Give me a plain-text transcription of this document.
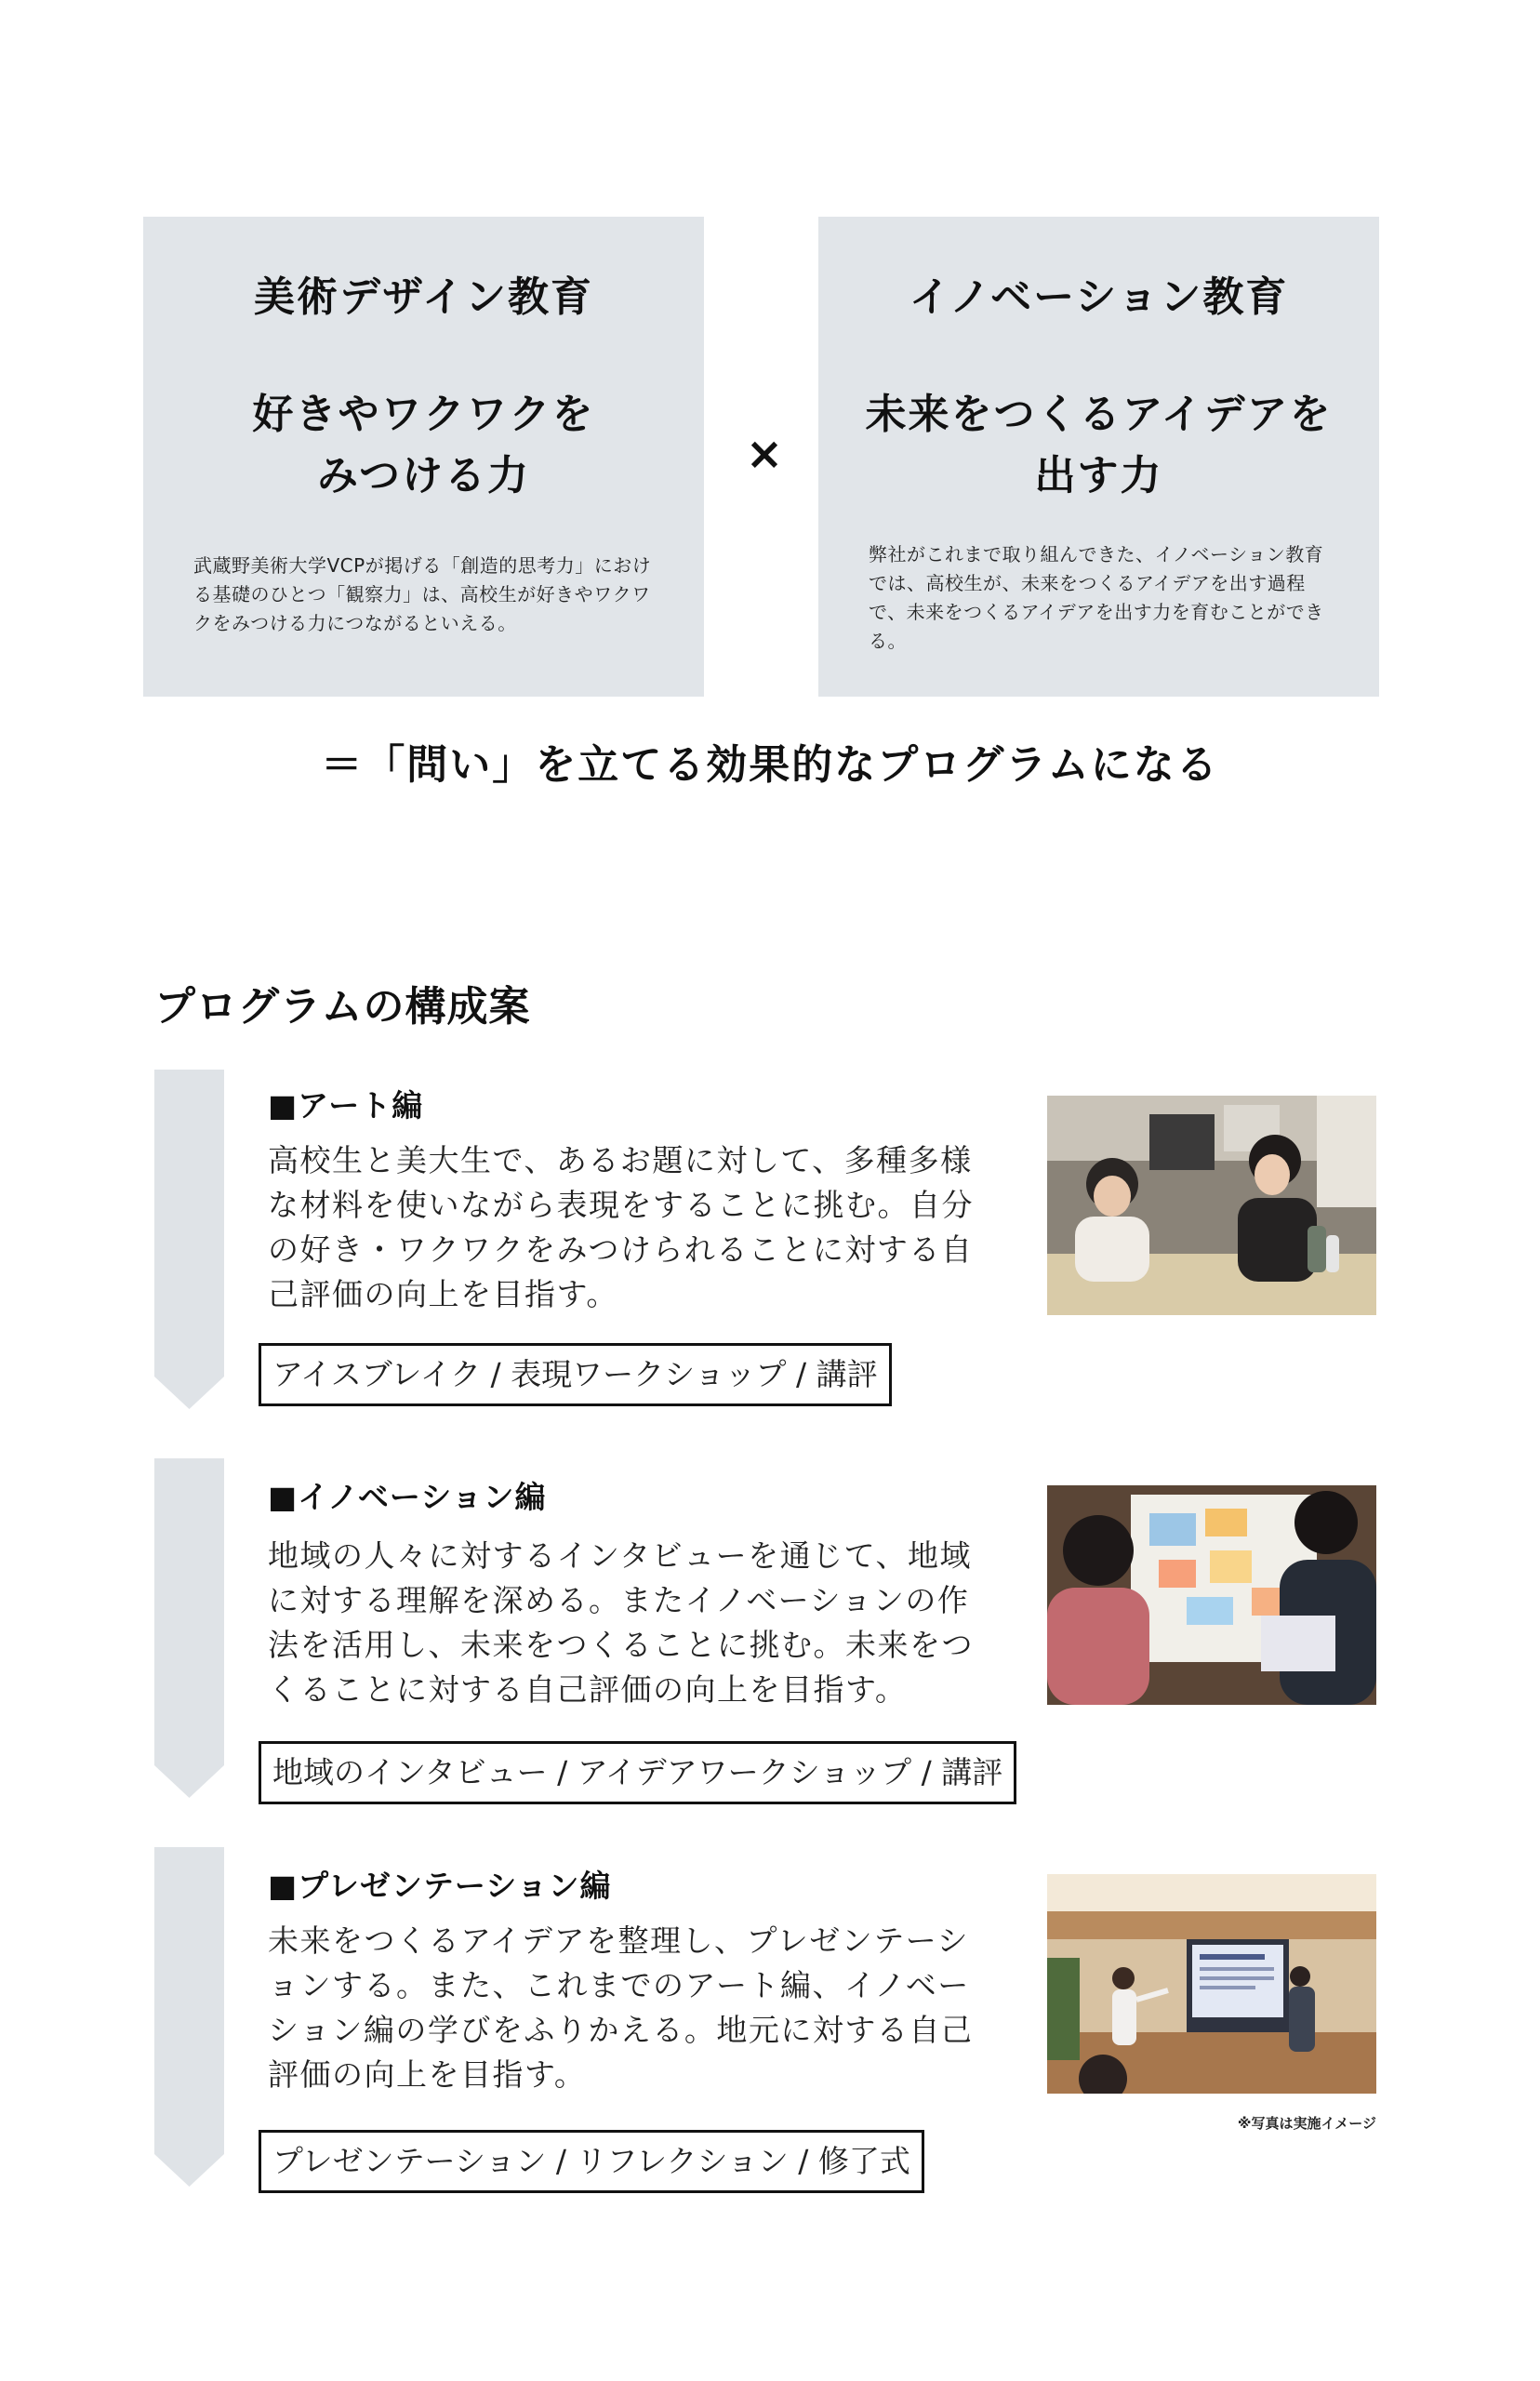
美術デザイン教育
好きやワクワクを
みつける力
武蔵野美術大学VCPが掲げる「創造的思考力」における基礎のひとつ「観察力」は、高校生が好きやワクワクをみつける力につながるといえる。
×
イノベーション教育
未来をつくるアイデアを
出す力
弊社がこれまで取り組んできた、イノベーション教育では、高校生が、未来をつくるアイデアを出す過程で、未来をつくるアイデアを出す力を育むことができる。
＝「問い」を立てる効果的なプログラムになる
プログラムの構成案
■アート編
高校生と美大生で、あるお題に対して、多種多様な材料を使いながら表現をすることに挑む。自分の好き・ワクワクをみつけられることに対する自己評価の向上を目指す。
アイスブレイク / 表現ワークショップ / 講評
■イノベーション編
地域の人々に対するインタビューを通じて、地域に対する理解を深める。またイノベーションの作法を活用し、未来をつくることに挑む。未来をつくることに対する自己評価の向上を目指す。
地域のインタビュー / アイデアワークショップ / 講評
■プレゼンテーション編
未来をつくるアイデアを整理し、プレゼンテーションする。また、これまでのアート編、イノベーション編の学びをふりかえる。地元に対する自己評価の向上を目指す。
プレゼンテーション / リフレクション / 修了式
※写真は実施イメージ
